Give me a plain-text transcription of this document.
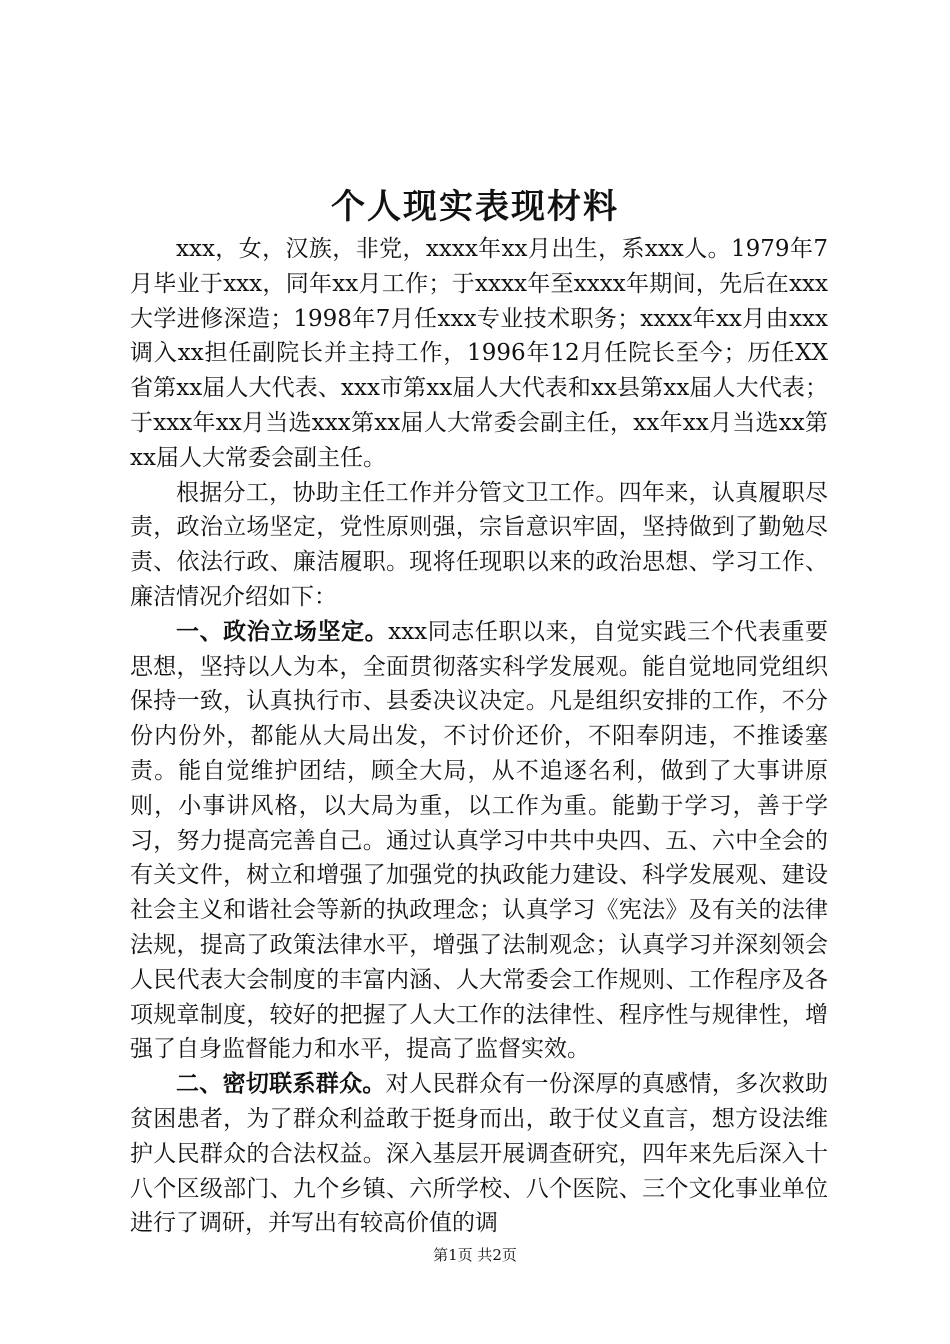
个人现实表现材料

xxx，女，汉族，非党，xxxx年xx月出生，系xxx人。1979年7月毕业于xxx，同年xx月工作；于xxxx年至xxxx年期间，先后在xxx大学进修深造；1998年7月任xxx专业技术职务；xxxx年xx月由xxx调入xx担任副院长并主持工作，1996年12月任院长至今；历任XX省第xx届人大代表、xxx市第xx届人大代表和xx县第xx届人大代表；于xxx年xx月当选xxx第xx届人大常委会副主任，xx年xx月当选xx第xx届人大常委会副主任。

根据分工，协助主任工作并分管文卫工作。四年来，认真履职尽责，政治立场坚定，党性原则强，宗旨意识牢固，坚持做到了勤勉尽责、依法行政、廉洁履职。现将任现职以来的政治思想、学习工作、廉洁情况介绍如下：

一、政治立场坚定。xxx同志任职以来，自觉实践三个代表重要思想，坚持以人为本，全面贯彻落实科学发展观。能自觉地同党组织保持一致，认真执行市、县委决议决定。凡是组织安排的工作，不分份内份外，都能从大局出发，不讨价还价，不阳奉阴违，不推诿塞责。能自觉维护团结，顾全大局，从不追逐名利，做到了大事讲原则，小事讲风格，以大局为重，以工作为重。能勤于学习，善于学习，努力提高完善自己。通过认真学习中共中央四、五、六中全会的有关文件，树立和增强了加强党的执政能力建设、科学发展观、建设社会主义和谐社会等新的执政理念；认真学习《宪法》及有关的法律法规，提高了政策法律水平，增强了法制观念；认真学习并深刻领会人民代表大会制度的丰富内涵、人大常委会工作规则、工作程序及各项规章制度，较好的把握了人大工作的法律性、程序性与规律性，增强了自身监督能力和水平，提高了监督实效。

二、密切联系群众。对人民群众有一份深厚的真感情，多次救助贫困患者，为了群众利益敢于挺身而出，敢于仗义直言，想方设法维护人民群众的合法权益。深入基层开展调查研究，四年来先后深入十八个区级部门、九个乡镇、六所学校、八个医院、三个文化事业单位进行了调研，并写出有较高价值的调

第1页 共2页
